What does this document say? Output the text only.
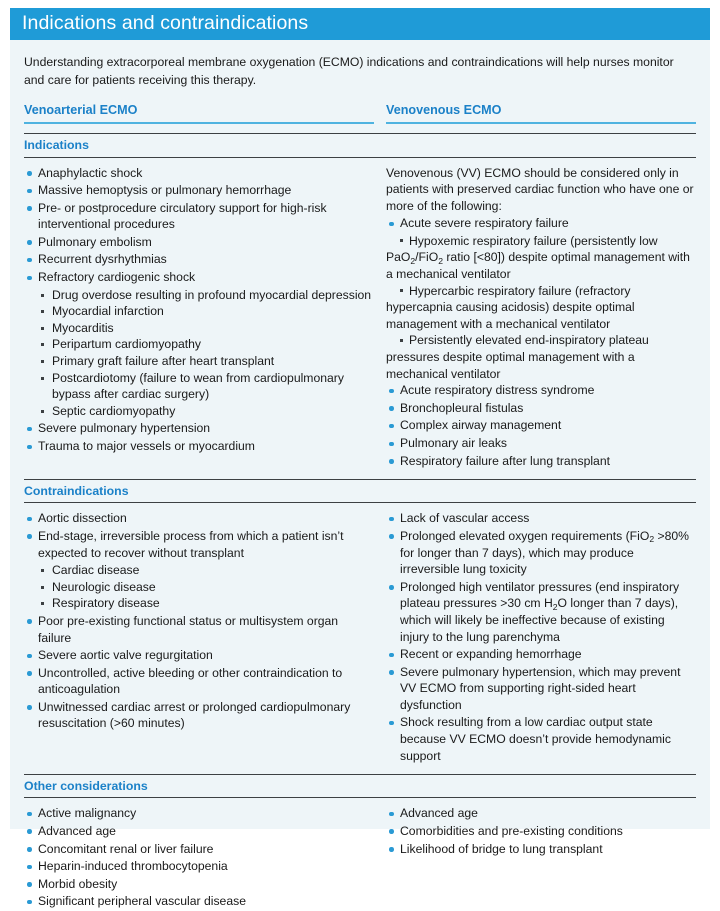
Indications and contraindications
Understanding extracorporeal membrane oxygenation (ECMO) indications and contraindications will help nurses monitor and care for patients receiving this therapy.
Venoarterial ECMO	Venovenous ECMO
Indications
Anaphylactic shock
Massive hemoptysis or pulmonary hemorrhage
Pre- or postprocedure circulatory support for high-risk interventional procedures
Pulmonary embolism
Recurrent dysrhythmias
Refractory cardiogenic shock
Drug overdose resulting in profound myocardial depression
Myocardial infarction
Myocarditis
Peripartum cardiomyopathy
Primary graft failure after heart transplant
Postcardiotomy (failure to wean from cardiopulmonary bypass after cardiac surgery)
Septic cardiomyopathy
Severe pulmonary hypertension
Trauma to major vessels or myocardium

Venovenous (VV) ECMO should be considered only in patients with preserved cardiac function who have one or more of the following:

Acute severe respiratory failure

Hypoxemic respiratory failure (persistently low PaO$_2$/FiO$_2$ ratio [<80]) despite optimal management with a mechanical ventilator

Hypercarbic respiratory failure (refractory hypercapnia causing acidosis) despite optimal management with a mechanical ventilator

Persistently elevated end-inspiratory plateau pressures despite optimal management with a mechanical ventilator

Acute respiratory distress syndrome
Bronchopleural fistulas
Complex airway management
Pulmonary air leaks
Respiratory failure after lung transplant
Contraindications
Aortic dissection
End-stage, irreversible process from which a patient isn’t expected to recover without transplant
Cardiac disease
Neurologic disease
Respiratory disease
Poor pre-existing functional status or multisystem organ failure
Severe aortic valve regurgitation
Uncontrolled, active bleeding or other contraindication to anticoagulation
Unwitnessed cardiac arrest or prolonged cardiopulmonary resuscitation (>60 minutes)
Lack of vascular access
Prolonged elevated oxygen requirements (FiO$_2$ >80% for longer than 7 days), which may produce irreversible lung toxicity
Prolonged high ventilator pressures (end inspiratory plateau pressures >30 cm $H_2O$ longer than 7 days), which will likely be ineffective because of existing injury to the lung parenchyma
Recent or expanding hemorrhage
Severe pulmonary hypertension, which may prevent VV ECMO from supporting right-sided heart dysfunction
Shock resulting from a low cardiac output state because VV ECMO doesn’t provide hemodynamic support
Other considerations
Active malignancy
Advanced age
Concomitant renal or liver failure
Heparin-induced thrombocytopenia
Morbid obesity
Significant peripheral vascular disease
Advanced age
Comorbidities and pre-existing conditions
Likelihood of bridge to lung transplant
